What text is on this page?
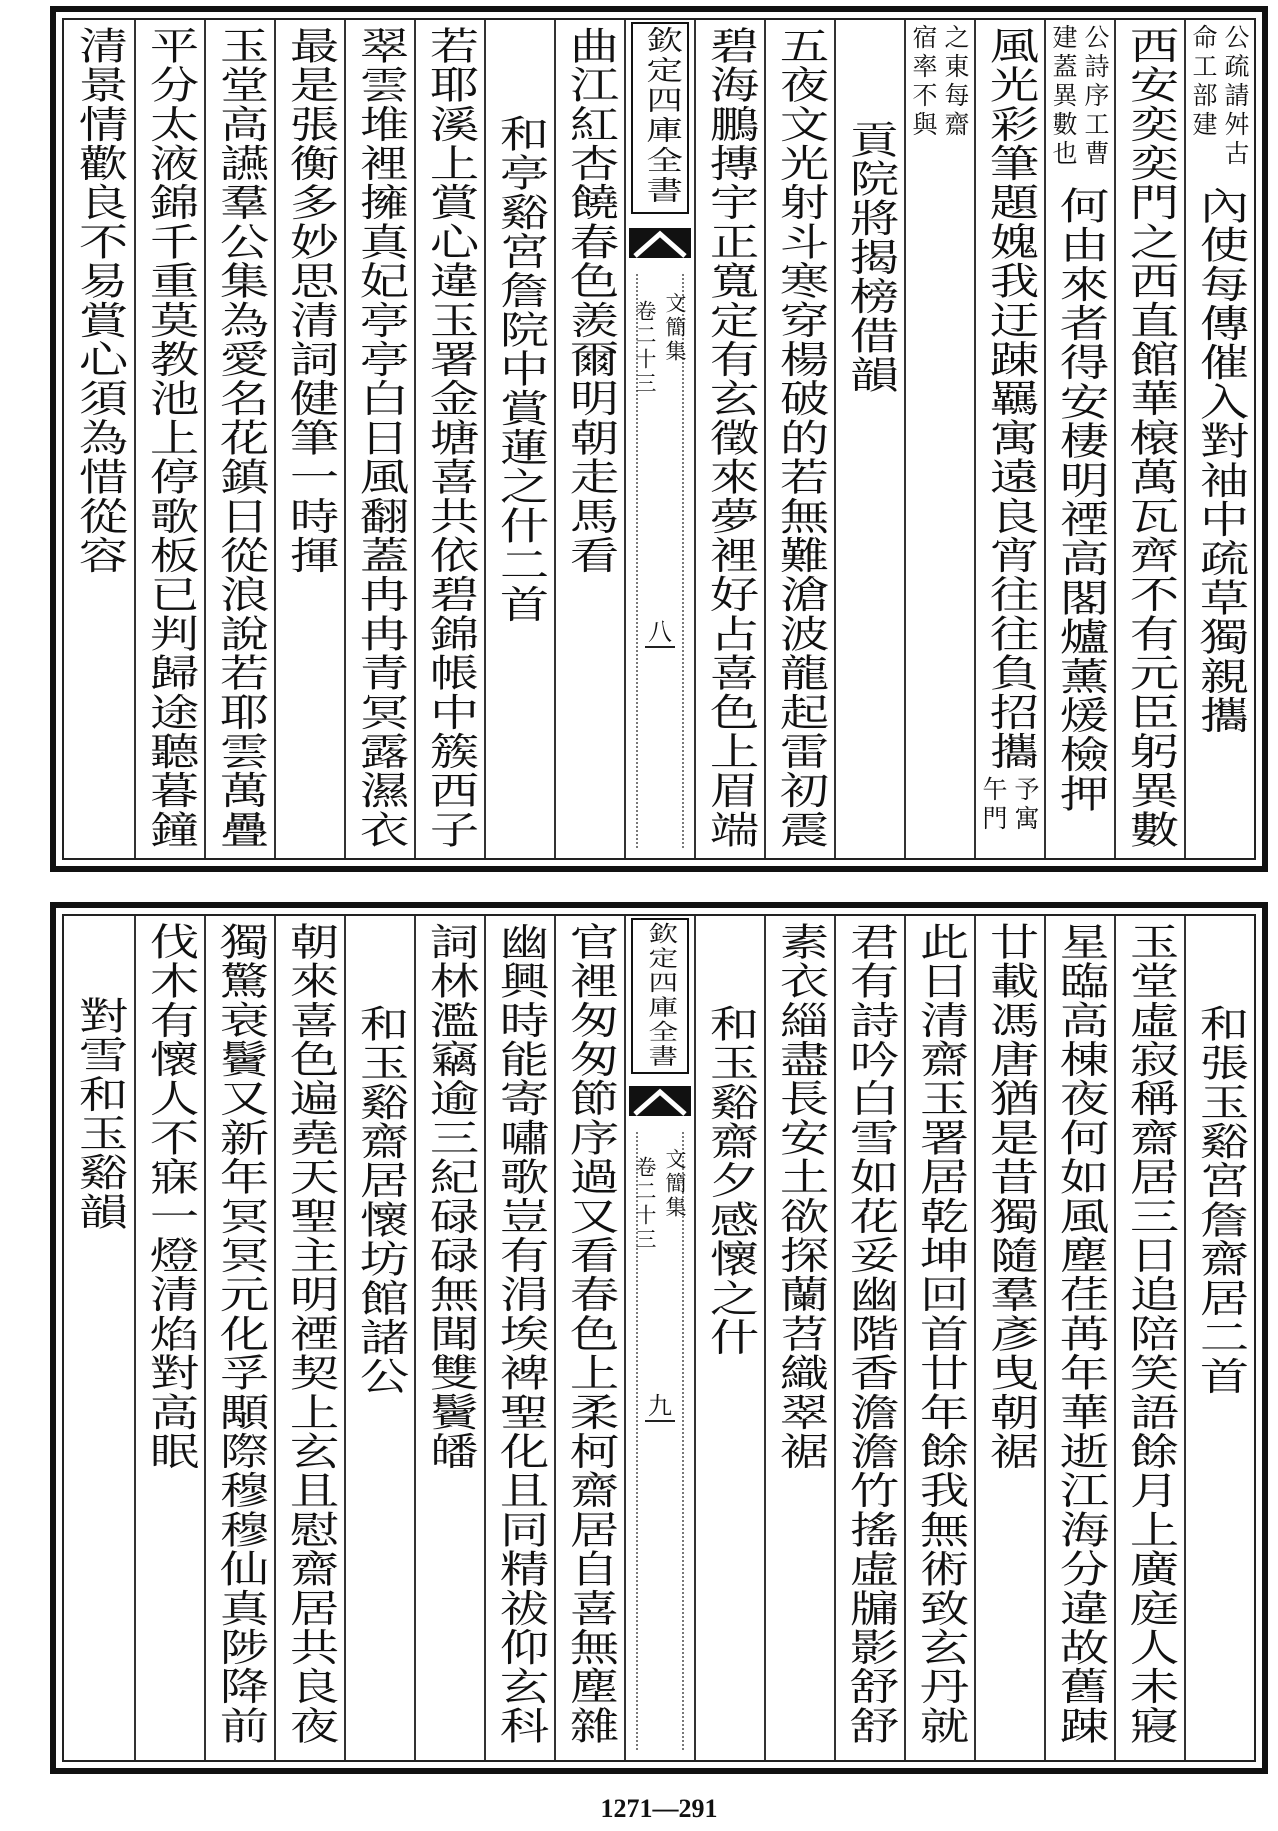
公疏請舛古
命工部建
內使每傳催入對袖中疏草獨親攜
西安奕奕門之西直館華榱萬瓦齊不有元臣躬異數
公詩序工曹
建蓋異數也
何由來者得安棲明禋高閣爐薰煖檢押
風光彩筆題媿我迂踈羈寓遠良宵往往負招攜
予寓
午門
之東每齋
宿率不與
貢院將揭榜借韻
五夜文光射斗寒穿楊破的若無難滄波龍起雷初震
碧海鵬摶宇正寬定有玄徵來夢裡好占喜色上眉端
欽定四庫全書
文簡集
卷二十三
八
曲江紅杏饒春色羨爾明朝走馬看
和亭谿宮詹院中賞蓮之什二首
若耶溪上賞心違玉署金塘喜共依碧錦帳中簇西子
翠雲堆裡擁真妃亭亭白日風翻蓋冉冉青冥露濕衣
最是張衡多妙思清詞健筆一時揮
玉堂高讌羣公集為愛名花鎮日從浪說若耶雲萬疊
平分太液錦千重莫教池上停歌板已判歸途聽暮鐘
清景情歡良不易賞心須為惜從容
和張玉谿宮詹齋居二首
玉堂虛寂稱齋居三日追陪笑語餘月上廣庭人未寢
星臨高棟夜何如風塵荏苒年華逝江海分違故舊踈
廿載馮唐猶是昔獨隨羣彥曳朝裾
此日清齋玉署居乾坤回首廿年餘我無術致玄丹就
君有詩吟白雪如花妥幽階香澹澹竹搖虛牖影舒舒
素衣緇盡長安土欲探蘭苕織翠裾
和玉谿齋夕感懷之什
欽定四庫全書
文簡集
卷二十三
九
官裡匆匆節序過又看春色上柔柯齋居自喜無塵雜
幽興時能寄嘯歌豈有涓埃裨聖化且同精祓仰玄科
詞林濫竊逾三紀碌碌無聞雙鬢皤
和玉谿齋居懷坊館諸公
朝來喜色遍堯天聖主明禋契上玄且慰齋居共良夜
獨驚衰鬢又新年冥冥元化孚顒際穆穆仙真陟降前
伐木有懷人不寐一燈清焰對高眠
對雪和玉谿韻
1271—291
